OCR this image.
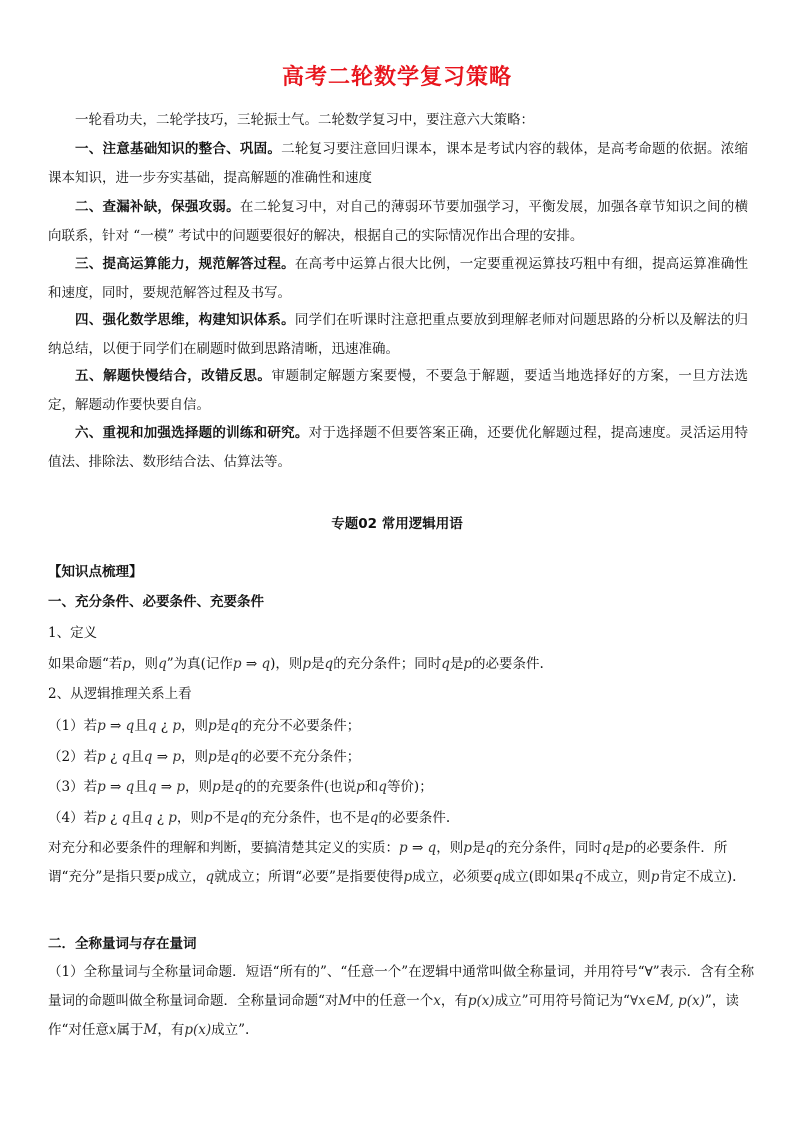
高考二轮数学复习策略
一轮看功夫，二轮学技巧，三轮振士气。二轮数学复习中，要注意六大策略：
一、注意基础知识的整合、巩固。二轮复习要注意回归课本，课本是考试内容的载体，是高考命题的依据。浓缩课本知识，进一步夯实基础，提高解题的准确性和速度
二、查漏补缺，保强攻弱。在二轮复习中，对自己的薄弱环节要加强学习，平衡发展，加强各章节知识之间的横向联系，针对 “一模” 考试中的问题要很好的解决，根据自己的实际情况作出合理的安排。
三、提高运算能力，规范解答过程。在高考中运算占很大比例，一定要重视运算技巧粗中有细，提高运算准确性和速度，同时，要规范解答过程及书写。
四、强化数学思维，构建知识体系。同学们在听课时注意把重点要放到理解老师对问题思路的分析以及解法的归纳总结，以便于同学们在刷题时做到思路清晰，迅速准确。
五、解题快慢结合，改错反思。审题制定解题方案要慢，不要急于解题，要适当地选择好的方案，一旦方法选定，解题动作要快要自信。
六、重视和加强选择题的训练和研究。对于选择题不但要答案正确，还要优化解题过程，提高速度。灵活运用特值法、排除法、数形结合法、估算法等。
专题02 常用逻辑用语
【知识点梳理】
一、充分条件、必要条件、充要条件
1、定义
如果命题“若p，则q”为真(记作p ⇒ q)，则p是q的充分条件；同时q是p的必要条件.
2、从逻辑推理关系上看
（1）若p ⇒ q且q ¿ p，则p是q的充分不必要条件；
（2）若p ¿ q且q ⇒ p，则p是q的必要不充分条件；
（3）若p ⇒ q且q ⇒ p，则p是q的的充要条件(也说p和q等价)；
（4）若p ¿ q且q ¿ p，则p不是q的充分条件，也不是q的必要条件.
对充分和必要条件的理解和判断，要搞清楚其定义的实质：p ⇒ q，则p是q的充分条件，同时q是p的必要条件．所谓“充分”是指只要p成立，q就成立；所谓“必要”是指要使得p成立，必须要q成立(即如果q不成立，则p肯定不成立).
二．全称量词与存在量词
（1）全称量词与全称量词命题．短语“所有的”、“任意一个”在逻辑中通常叫做全称量词，并用符号“∀”表示．含有全称量词的命题叫做全称量词命题．全称量词命题“对M中的任意一个x，有p(x)成立”可用符号简记为“∀x∈M, p(x)”，读作“对任意x属于M，有p(x)成立”.
